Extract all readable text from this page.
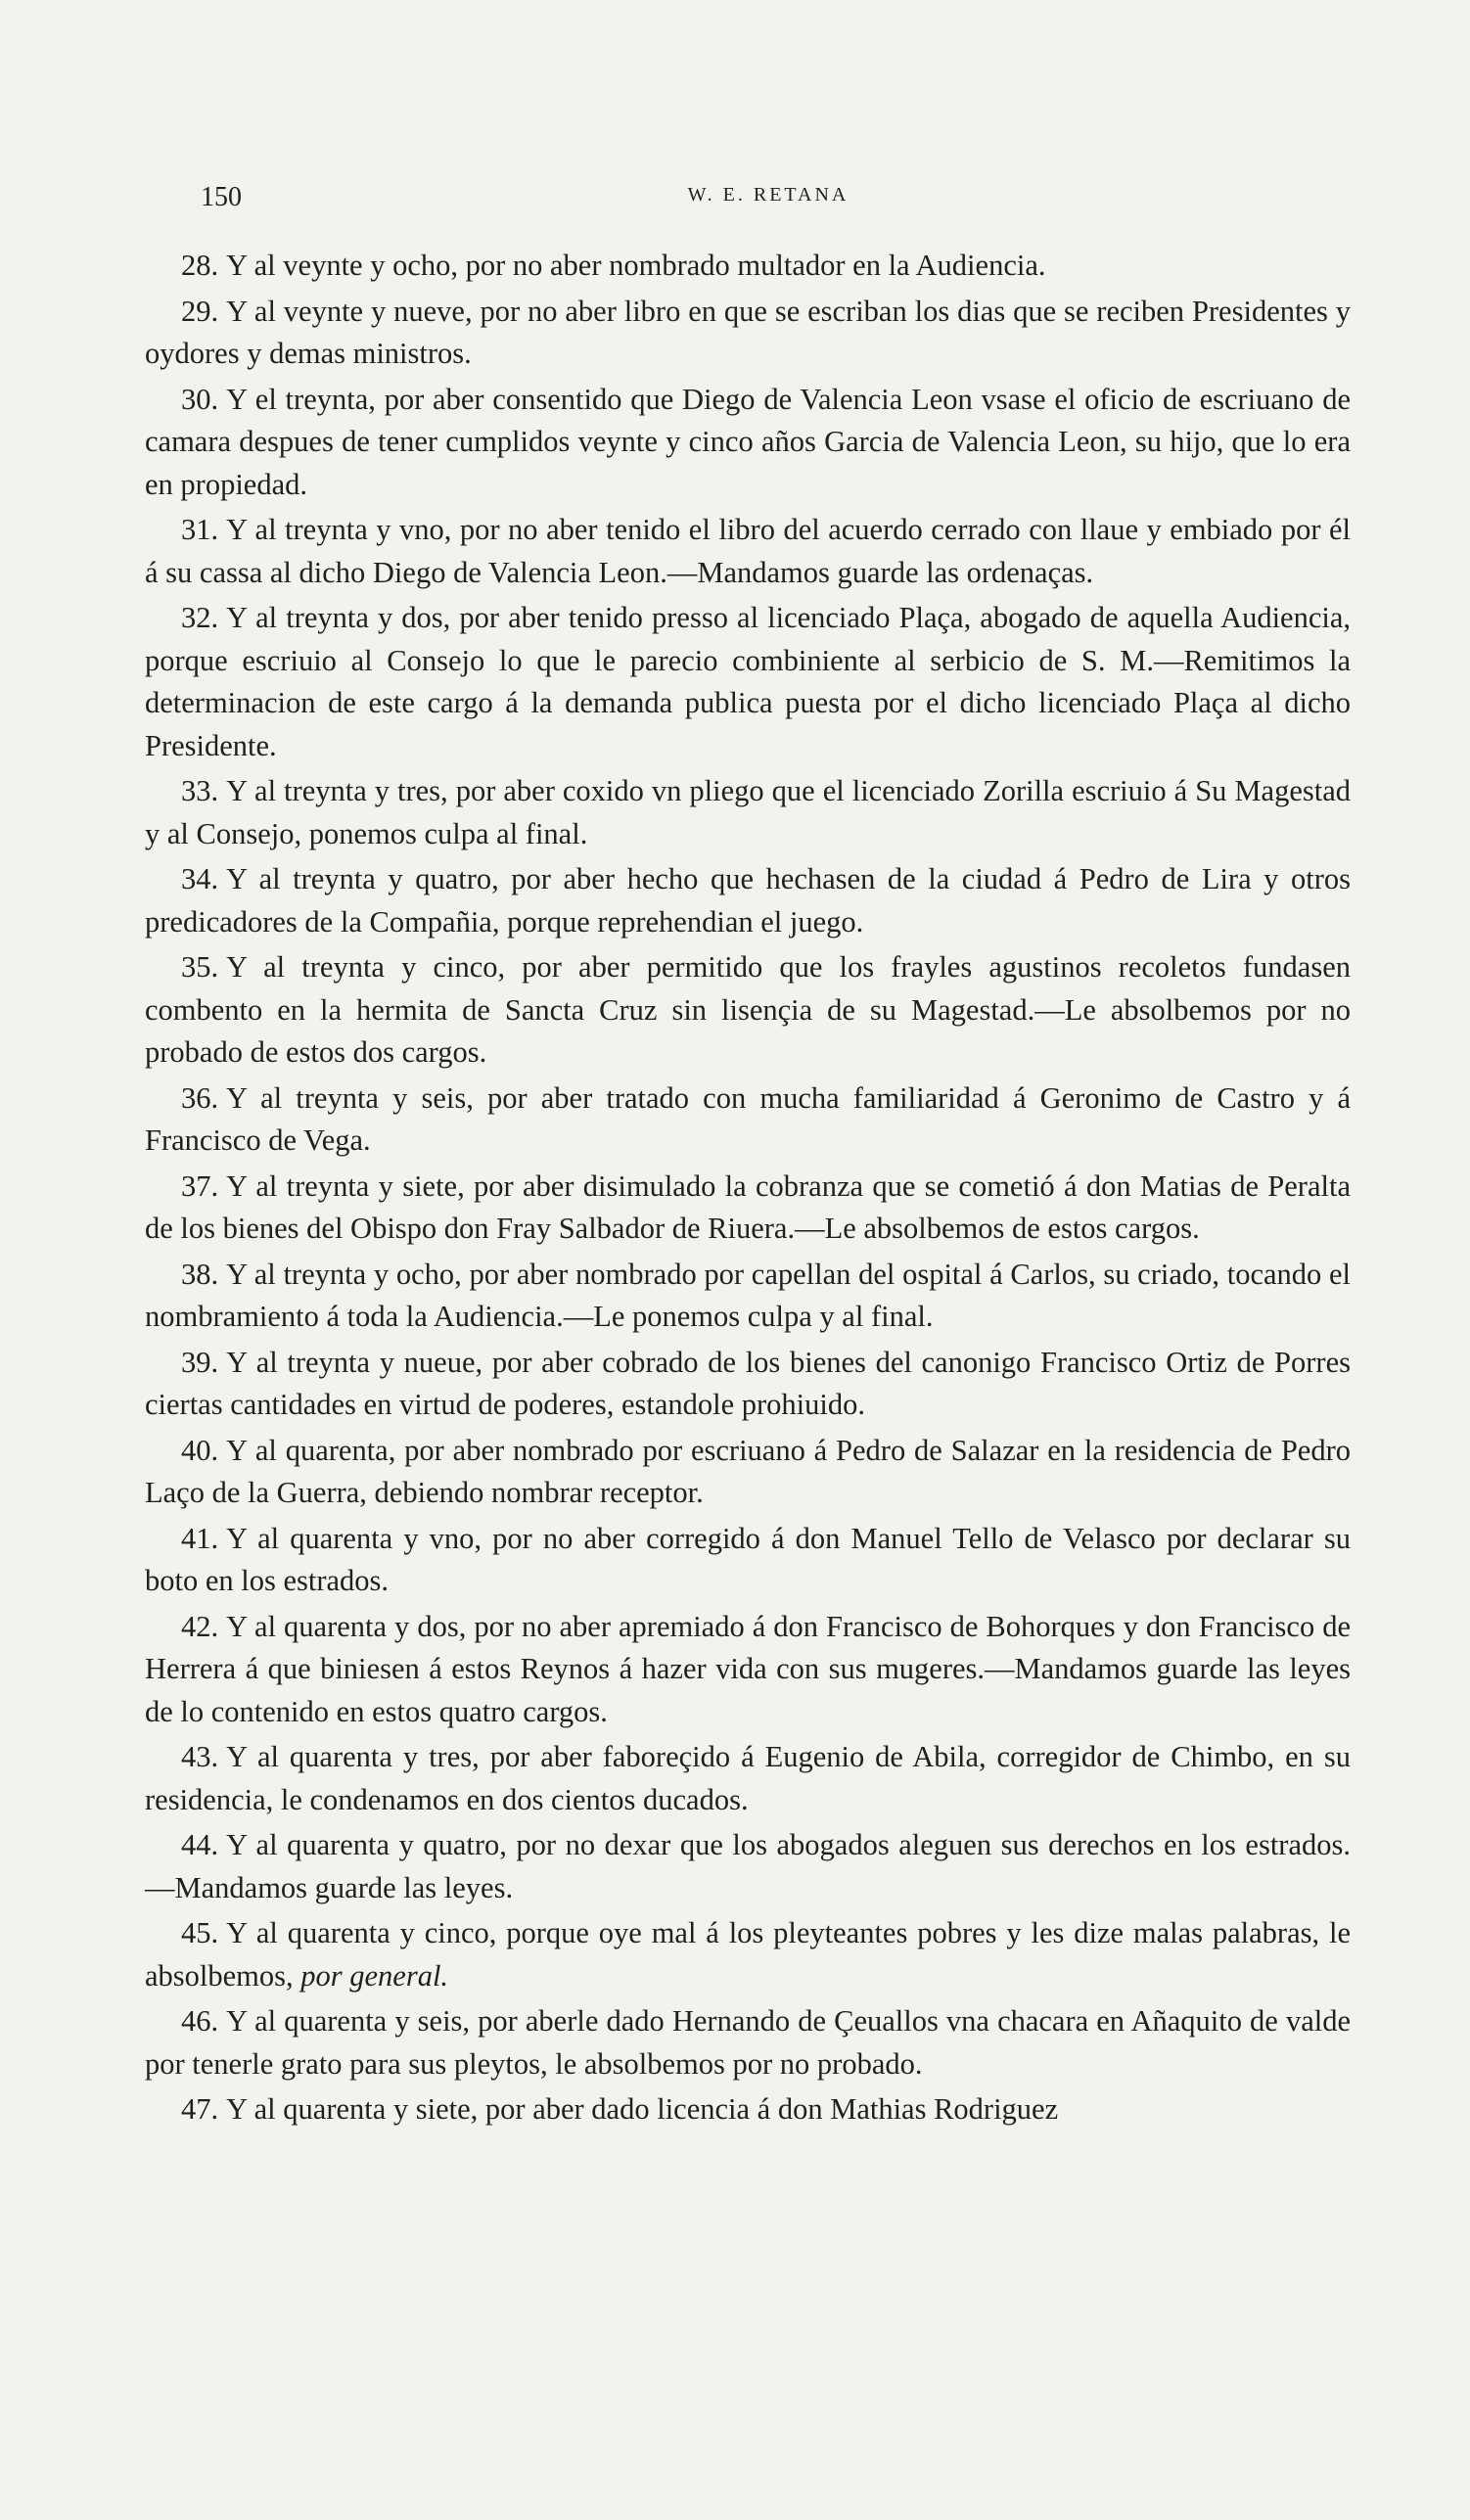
150	W. E. RETANA

28. Y al veynte y ocho, por no aber nombrado multador en la Audiencia.

29. Y al veynte y nueve, por no aber libro en que se escriban los dias que se reciben Presidentes y oydores y demas ministros.

30. Y el treynta, por aber consentido que Diego de Valencia Leon vsase el oficio de escriuano de camara despues de tener cumplidos veynte y cinco años Garcia de Valencia Leon, su hijo, que lo era en propiedad.

31. Y al treynta y vno, por no aber tenido el libro del acuerdo cerrado con llaue y embiado por él á su cassa al dicho Diego de Valencia Leon.—Mandamos guarde las ordenaças.

32. Y al treynta y dos, por aber tenido presso al licenciado Plaça, abogado de aquella Audiencia, porque escriuio al Consejo lo que le parecio combiniente al serbicio de S. M.—Remitimos la determinacion de este cargo á la demanda publica puesta por el dicho licenciado Plaça al dicho Presidente.

33. Y al treynta y tres, por aber coxido vn pliego que el licenciado Zorilla escriuio á Su Magestad y al Consejo, ponemos culpa al final.

34. Y al treynta y quatro, por aber hecho que hechasen de la ciudad á Pedro de Lira y otros predicadores de la Compañia, porque reprehendian el juego.

35. Y al treynta y cinco, por aber permitido que los frayles agustinos recoletos fundasen combento en la hermita de Sancta Cruz sin lisençia de su Magestad.—Le absolbemos por no probado de estos dos cargos.

36. Y al treynta y seis, por aber tratado con mucha familiaridad á Geronimo de Castro y á Francisco de Vega.

37. Y al treynta y siete, por aber disimulado la cobranza que se cometió á don Matias de Peralta de los bienes del Obispo don Fray Salbador de Riuera.—Le absolbemos de estos cargos.

38. Y al treynta y ocho, por aber nombrado por capellan del ospital á Carlos, su criado, tocando el nombramiento á toda la Audiencia.—Le ponemos culpa y al final.

39. Y al treynta y nueue, por aber cobrado de los bienes del canonigo Francisco Ortiz de Porres ciertas cantidades en virtud de poderes, estandole prohiuido.

40. Y al quarenta, por aber nombrado por escriuano á Pedro de Salazar en la residencia de Pedro Laço de la Guerra, debiendo nombrar receptor.

41. Y al quarenta y vno, por no aber corregido á don Manuel Tello de Velasco por declarar su boto en los estrados.

42. Y al quarenta y dos, por no aber apremiado á don Francisco de Bohorques y don Francisco de Herrera á que biniesen á estos Reynos á hazer vida con sus mugeres.—Mandamos guarde las leyes de lo contenido en estos quatro cargos.

43. Y al quarenta y tres, por aber faboreçido á Eugenio de Abila, corregidor de Chimbo, en su residencia, le condenamos en dos cientos ducados.

44. Y al quarenta y quatro, por no dexar que los abogados aleguen sus derechos en los estrados.—Mandamos guarde las leyes.

45. Y al quarenta y cinco, porque oye mal á los pleyteantes pobres y les dize malas palabras, le absolbemos, por general.

46. Y al quarenta y seis, por aberle dado Hernando de Çeuallos vna chacara en Añaquito de valde por tenerle grato para sus pleytos, le absolbemos por no probado.

47. Y al quarenta y siete, por aber dado licencia á don Mathias Rodriguez
